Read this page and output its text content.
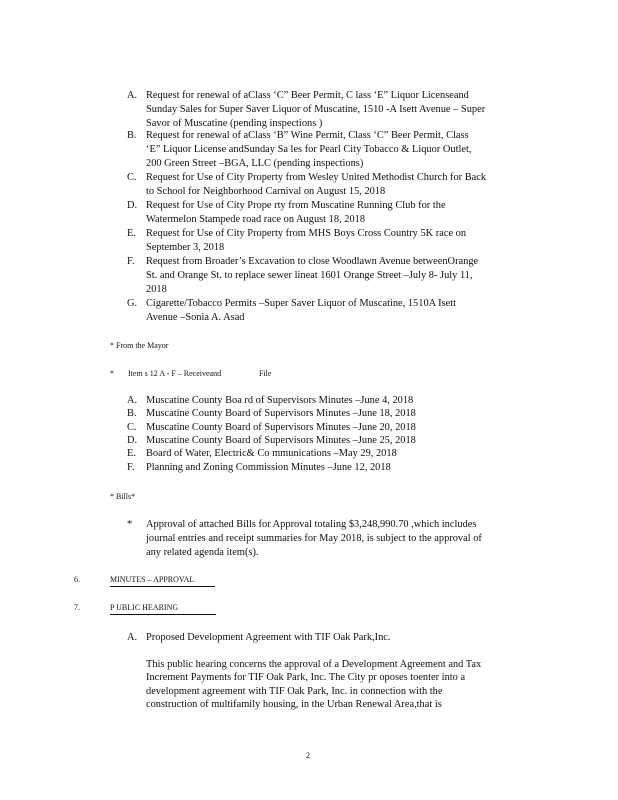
A. Request for renewal of aClass ‘C” Beer Permit, C lass ‘E” Liquor Licenseand
Sunday Sales for Super Saver Liquor of Muscatine, 1510 -A Isett Avenue – Super
Savor of Muscatine (pending inspections )
B. Request for renewal of aClass ‘B” Wine Permit, Class ‘C” Beer Permit, Class
‘E” Liquor License andSunday Sa les for Pearl City Tobacco & Liquor Outlet,
200 Green Street –BGA, LLC (pending inspections)
C. Request for Use of City Property from Wesley United Methodist Church for Back
to School for Neighborhood Carnival on August 15, 2018
D. Request for Use of City Prope rty from Muscatine Running Club for the
Watermelon Stampede road race on August 18, 2018
E. Request for Use of City Property from MHS Boys Cross Country 5K race on
September 3, 2018
F. Request from Broader’s Excavation to close Woodlawn Avenue betweenOrange
St. and Orange St. to replace sewer lineat 1601 Orange Street –July 8- July 11,
2018
G. Cigarette/Tobacco Permits –Super Saver Liquor of Muscatine, 1510A Isett
Avenue –Sonia A. Asad
* From the Mayor
* Item s 12 A - F – Receiveand	File
A. Muscatine County Boa rd of Supervisors Minutes –June 4, 2018
B. Muscatine County Board of Supervisors Minutes –June 18, 2018
C. Muscatine County Board of Supervisors Minutes –June 20, 2018
D. Muscatine County Board of Supervisors Minutes –June 25, 2018
E. Board of Water, Electric& Co mmunications –May 29, 2018
F. Planning and Zoning Commission Minutes –June 12, 2018
* Bills*
* Approval of attached Bills for Approval totaling $3,248,990.70 ,which includes
journal entries and receipt summaries for May 2018, is subject to the approval of
any related agenda item(s).
6.	MINUTES – APPROVAL
7.	P UBLIC HEARING
A. Proposed Development Agreement with TIF Oak Park,Inc.
This public hearing concerns the approval of a Development Agreement and Tax
Increment Payments for TIF Oak Park, Inc. The City pr oposes toenter into a
development agreement with TIF Oak Park, Inc. in connection with the
construction of multifamily housing, in the Urban Renewal Area,that is
2
